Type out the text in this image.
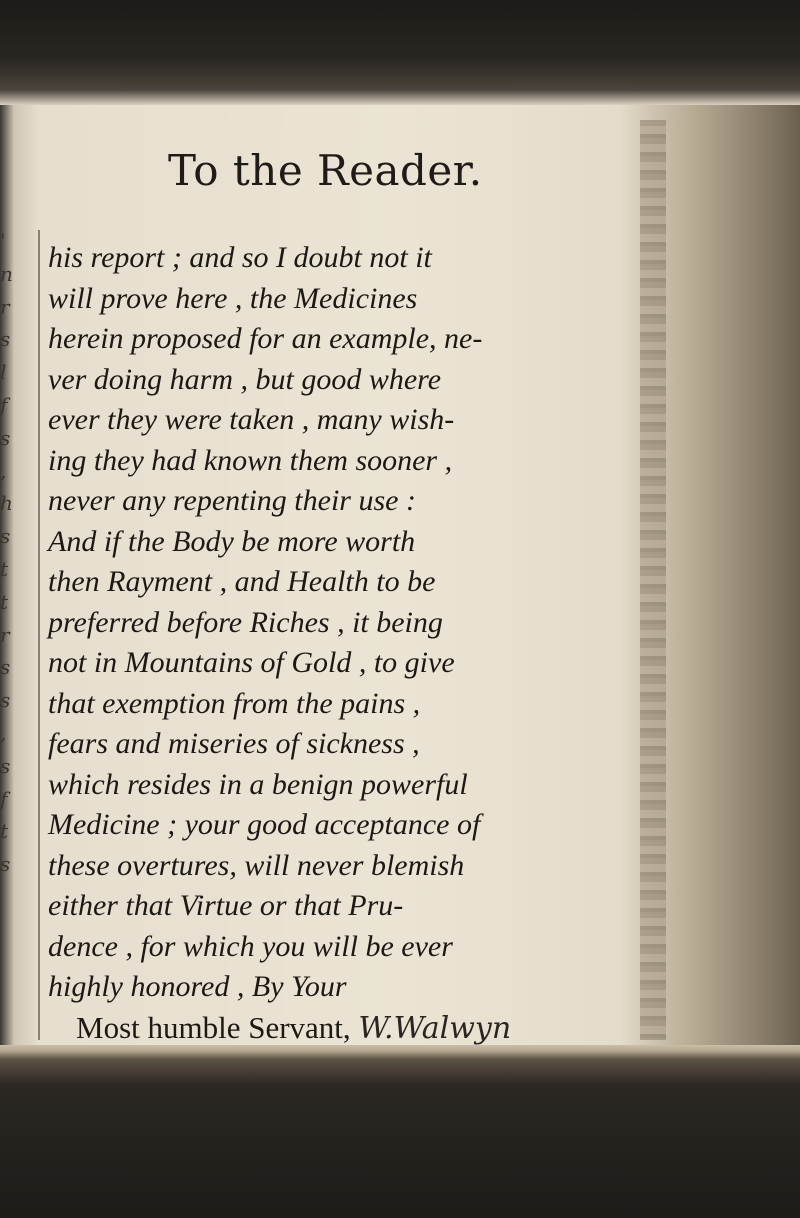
'
n
r
s
l
f
s
,
h
s
t
t
r
s
s
,
s
f
t
s
To the Reader.
his report ; and so I doubt not it
will prove here , the Medicines
herein proposed for an example, ne-
ver doing harm , but good where
ever they were taken , many wish-
ing they had known them sooner ,
never any repenting their use :
And if the Body be more worth
then Rayment , and Health to be
preferred before Riches , it being
not in Mountains of Gold , to give
that exemption from the pains ,
fears and miseries of sickness ,
which resides in a benign powerful
Medicine ; your good acceptance of
these overtures, will never blemish
either that Virtue or that Pru-
dence , for which you will be ever
highly honored , By Your
Most humble Servant, W.Walwyn
